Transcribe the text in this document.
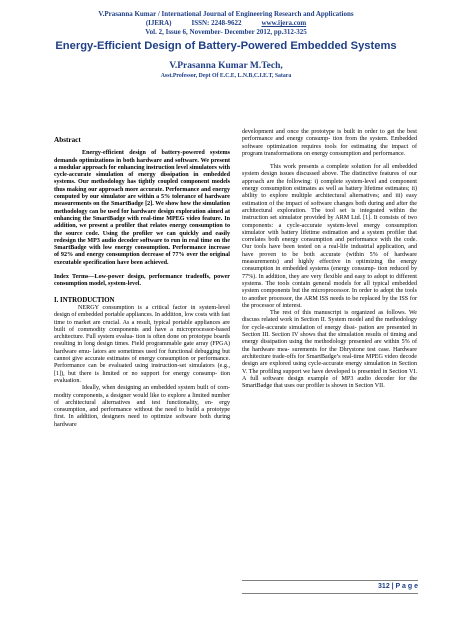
V.Prasanna Kumar / International Journal of Engineering Research and Applications
(IJERA)	ISSN: 2248-9622	www.ijera.com
Vol. 2, Issue 6, November- December 2012, pp.312-325
Energy-Efficient Design of Battery-Powered Embedded Systems
V.Prasanna Kumar M.Tech,
Asst.Professor, Dept Of E.C.E, L.N.B,C.I.E.T, Satara

Abstract

Energy-efficient design of battery-powered systems demands optimizations in both hardware and software. We present a modular approach for enhancing instruction level simulators with cycle-accurate simulation of energy dissipation in embedded systems. Our methodology has tightly coupled component models thus making our approach more accurate. Performance and energy computed by our simulator are within a 5% tolerance of hardware measurements on the SmartBadge [2]. We show how the simulation methodology can be used for hardware design exploration aimed at enhancing the SmartBadge with real-time MPEG video feature. In addition, we present a profiler that relates energy consumption to the source code. Using the profiler we can quickly and easily redesign the MP3 audio decoder software to run in real time on the SmartBadge with low energy consumption. Performance increase of 92% and energy consumption decrease of 77% over the original executable specification have been achieved.

Index Terms—Low-power design, performance tradeoffs, power consumption model, system-level.

I. INTRODUCTION

NERGY consumption is a critical factor in system-level design of embedded portable appliances. In addition, low costs with fast time to market are crucial. As a result, typical portable appliances are built of commodity components and have a microprocessor-based architecture. Full system evalua- tion is often done on prototype boards resulting in long design times. Field programmable gate array (FPGA) hardware emu- lators are sometimes used for functional debugging but cannot give accurate estimates of energy consumption or performance. Performance can be evaluated using instruction-set simulators (e.g., [1]), but there is limited or no support for energy consump- tion evaluation.

Ideally, when designing an embedded system built of com- modity components, a designer would like to explore a limited number of architectural alternatives and test functionality, en- ergy consumption, and performance without the need to build a prototype first. In addition, designers need to optimize software both during hardware

development and once the prototype is built in order to get the best performance and energy consump- tion from the system. Embedded software optimization requires tools for estimating the impact of program transformations on energy consumption and performance.

This work presents a complete solution for all embedded system design issues discussed above. The distinctive features of our approach are the following: i) complete system-level and component energy consumption estimates as well as battery lifetime estimates; ii) ability to explore multiple architectural alternatives; and iii) easy estimation of the impact of software changes both during and after the architectural exploration. The tool set is integrated within the instruction set simulator provided by ARM Ltd. [1]. It consists of two components: a cycle-accurate system-level energy consumption simulator with battery lifetime estimation and a system profiler that correlates both energy consumption and performance with the code. Our tools have been tested on a real-life industrial application, and have proven to be both accurate (within 5% of hardware measurements) and highly effective in optimizing the energy consumption in embedded systems (energy consump- tion reduced by 77%). In addition, they are very flexible and easy to adopt to different systems. The tools contain general models for all typical embedded system components but the microprocessor. In order to adopt the tools to another processor, the ARM ISS needs to be replaced by the ISS for the processor of interest.

The rest of this manuscript is organized as follows. We discuss related work in Section II. System model and the methodology for cycle-accurate simulation of energy dissi- pation are presented in Section III. Section IV shows that the simulation results of timing and energy dissipation using the methodology presented are within 5% of the hardware mea- surements for the Dhrystone test case. Hardware architecture trade-offs for SmartBadge’s real-time MPEG video decode design are explored using cycle-accurate energy simulation in Section V. The profiling support we have developed is presented in Section VI. A full software design example of MP3 audio decoder for the SmartBadge that uses our profiler is shown in Section VII.

312 | P a g e
